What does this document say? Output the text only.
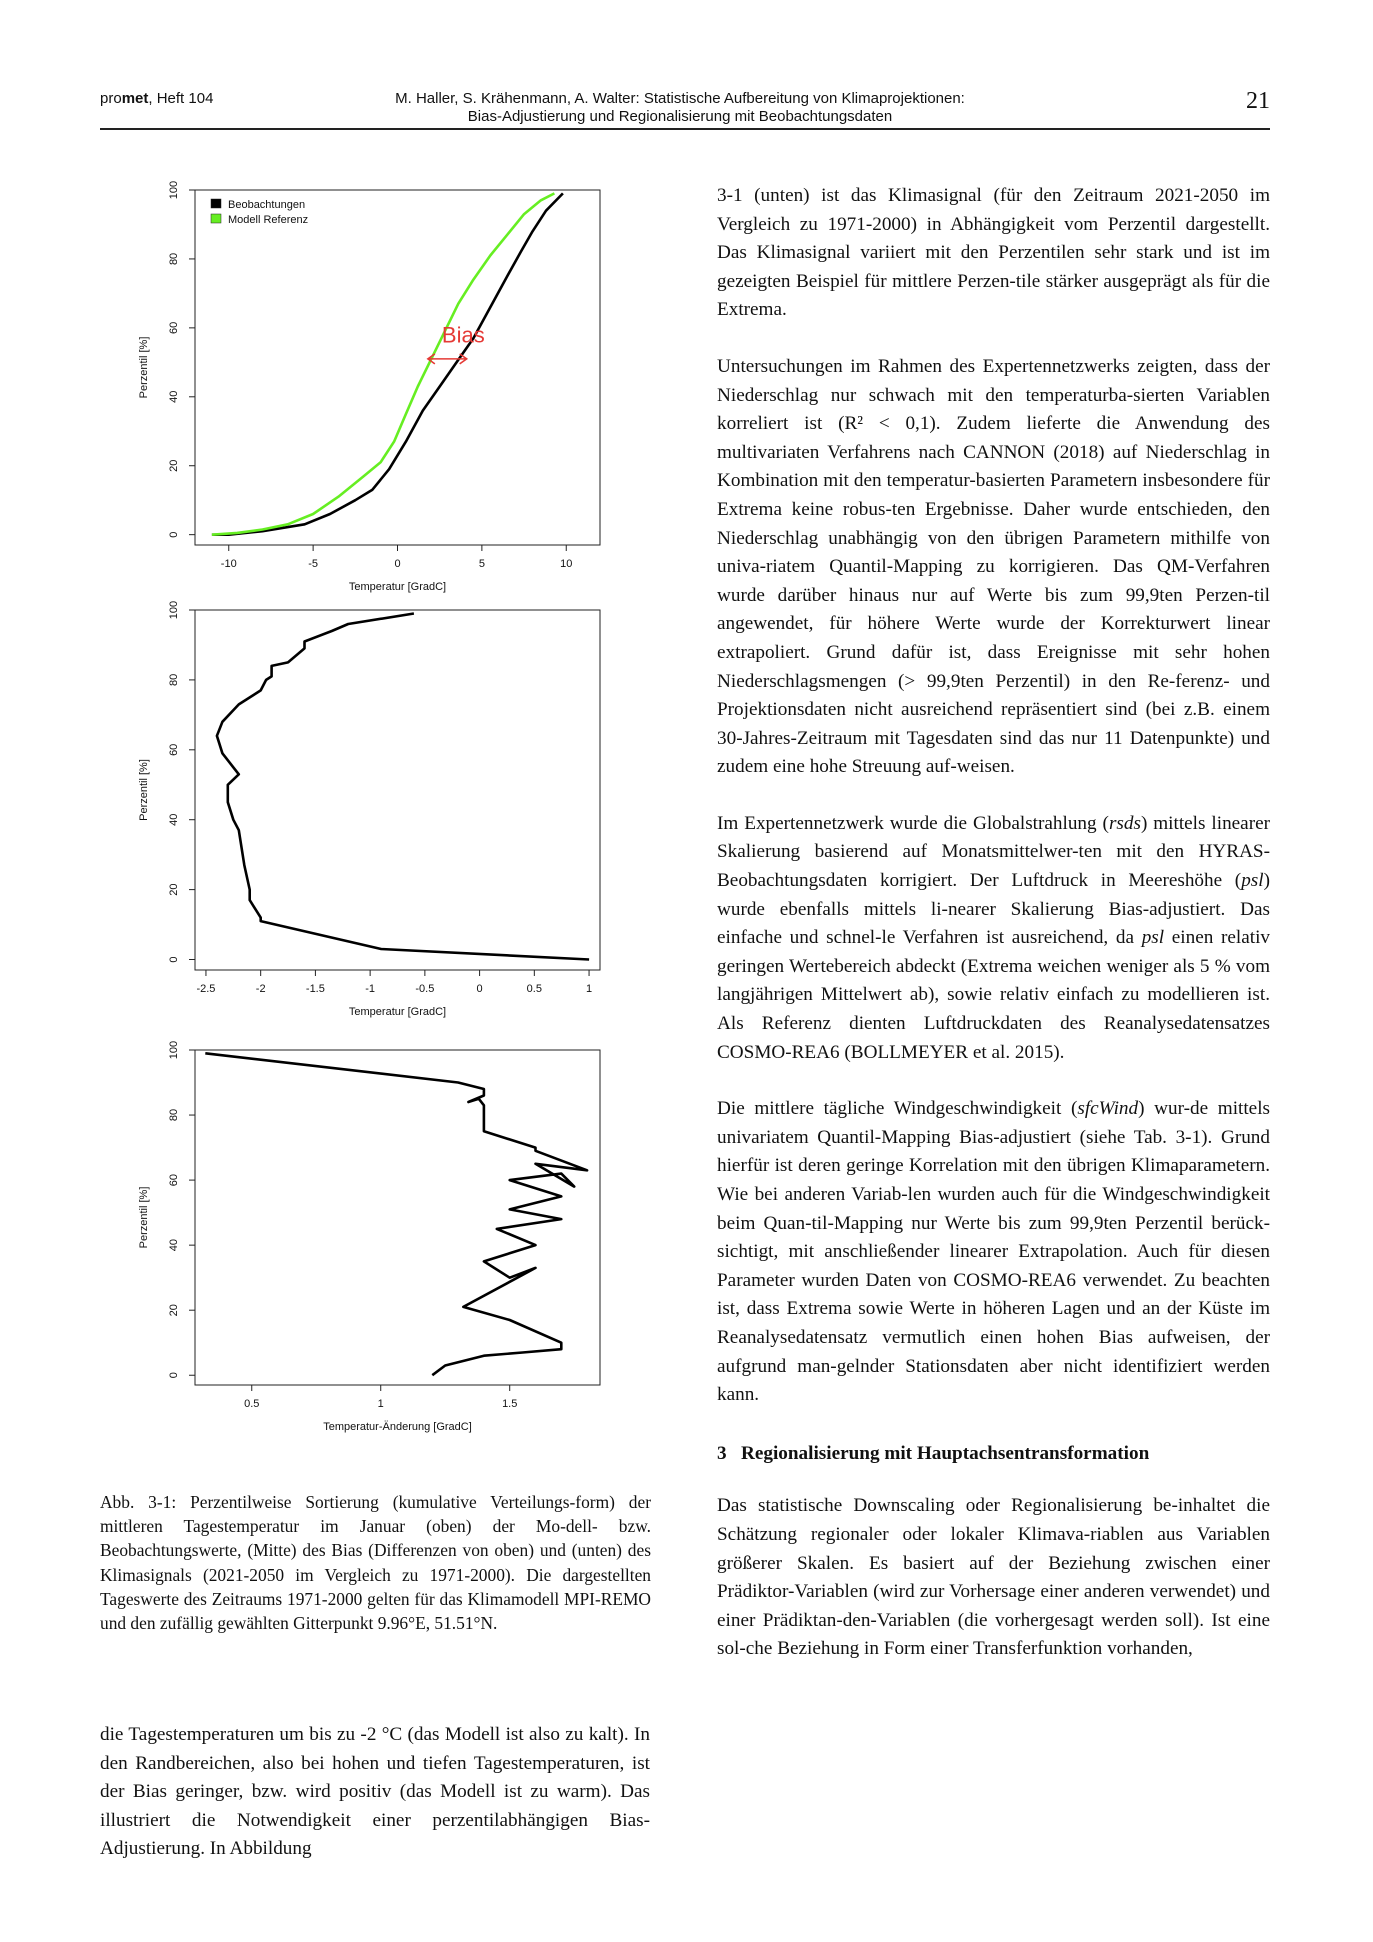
promet, Heft 104	M. Haller, S. Krähenmann, A. Walter: Statistische Aufbereitung von Klimaprojektionen:
Bias-Adjustierung und Regionalisierung mit Beobachtungsdaten
21
-10	-5	0	5	10
0
20
40
60
80
100
Temperatur [GradC]
Perzentil [%]
Beobachtungen
Modell Referenz
Bias
-2.5	-2	-1.5	-1	-0.5	0	0.5	1
0
20
40
60
80
100
Temperatur [GradC]
Perzentil [%]
0.5	1	1.5
0
20
40
60
80
100
Temperatur-Änderung [GradC]
Perzentil [%]
Abb. 3-1: Perzentilweise Sortierung (kumulative Verteilungs-form) der mittleren Tagestemperatur im Januar (oben) der Mo-dell- bzw. Beobachtungswerte, (Mitte) des Bias (Differenzen von oben) und (unten) des Klimasignals (2021-2050 im Vergleich zu 1971-2000). Die dargestellten Tageswerte des Zeitraums 1971-2000 gelten für das Klimamodell MPI-REMO und den zufällig gewählten Gitterpunkt 9.96°E, 51.51°N.

3-1 (unten) ist das Klimasignal (für den Zeitraum 2021-2050 im Vergleich zu 1971-2000) in Abhängigkeit vom Perzentil dargestellt. Das Klimasignal variiert mit den Perzentilen sehr stark und ist im gezeigten Beispiel für mittlere Perzen-tile stärker ausgeprägt als für die Extrema.

Untersuchungen im Rahmen des Expertennetzwerks zeigten, dass der Niederschlag nur schwach mit den temperaturba-sierten Variablen korreliert ist (R² < 0,1). Zudem lieferte die Anwendung des multivariaten Verfahrens nach CANNON (2018) auf Niederschlag in Kombination mit den temperatur-basierten Parametern insbesondere für Extrema keine robus-ten Ergebnisse. Daher wurde entschieden, den Niederschlag unabhängig von den übrigen Parametern mithilfe von univa-riatem Quantil-Mapping zu korrigieren. Das QM-Verfahren wurde darüber hinaus nur auf Werte bis zum 99,9ten Perzen-til angewendet, für höhere Werte wurde der Korrekturwert linear extrapoliert. Grund dafür ist, dass Ereignisse mit sehr hohen Niederschlagsmengen (> 99,9ten Perzentil) in den Re-ferenz- und Projektionsdaten nicht ausreichend repräsentiert sind (bei z.B. einem 30-Jahres-Zeitraum mit Tagesdaten sind das nur 11 Datenpunkte) und zudem eine hohe Streuung auf-weisen.

Im Expertennetzwerk wurde die Globalstrahlung (rsds) mittels linearer Skalierung basierend auf Monatsmittelwer-ten mit den HYRAS-Beobachtungsdaten korrigiert. Der Luftdruck in Meereshöhe (psl) wurde ebenfalls mittels li-nearer Skalierung Bias-adjustiert. Das einfache und schnel-le Verfahren ist ausreichend, da psl einen relativ geringen Wertebereich abdeckt (Extrema weichen weniger als 5 % vom langjährigen Mittelwert ab), sowie relativ einfach zu modellieren ist. Als Referenz dienten Luftdruckdaten des Reanalysedatensatzes COSMO-REA6 (BOLLMEYER et al. 2015).

Die mittlere tägliche Windgeschwindigkeit (sfcWind) wur-de mittels univariatem Quantil-Mapping Bias-adjustiert (siehe Tab. 3-1). Grund hierfür ist deren geringe Korrelation mit den übrigen Klimaparametern. Wie bei anderen Variab-len wurden auch für die Windgeschwindigkeit beim Quan-til-Mapping nur Werte bis zum 99,9ten Perzentil berück-sichtigt, mit anschließender linearer Extrapolation. Auch für diesen Parameter wurden Daten von COSMO-REA6 verwendet. Zu beachten ist, dass Extrema sowie Werte in höheren Lagen und an der Küste im Reanalysedatensatz vermutlich einen hohen Bias aufweisen, der aufgrund man-gelnder Stationsdaten aber nicht identifiziert werden kann.

3   Regionalisierung mit Hauptachsentransformation

Das statistische Downscaling oder Regionalisierung be-inhaltet die Schätzung regionaler oder lokaler Klimava-riablen aus Variablen größerer Skalen. Es basiert auf der Beziehung zwischen einer Prädiktor-Variablen (wird zur Vorhersage einer anderen verwendet) und einer Prädiktan-den-Variablen (die vorhergesagt werden soll). Ist eine sol-che Beziehung in Form einer Transferfunktion vorhanden,

die Tagestemperaturen um bis zu -2 °C (das Modell ist also zu kalt). In den Randbereichen, also bei hohen und tiefen Tagestemperaturen, ist der Bias geringer, bzw. wird positiv (das Modell ist zu warm). Das illustriert die Notwendigkeit einer perzentilabhängigen Bias-Adjustierung. In Abbildung
